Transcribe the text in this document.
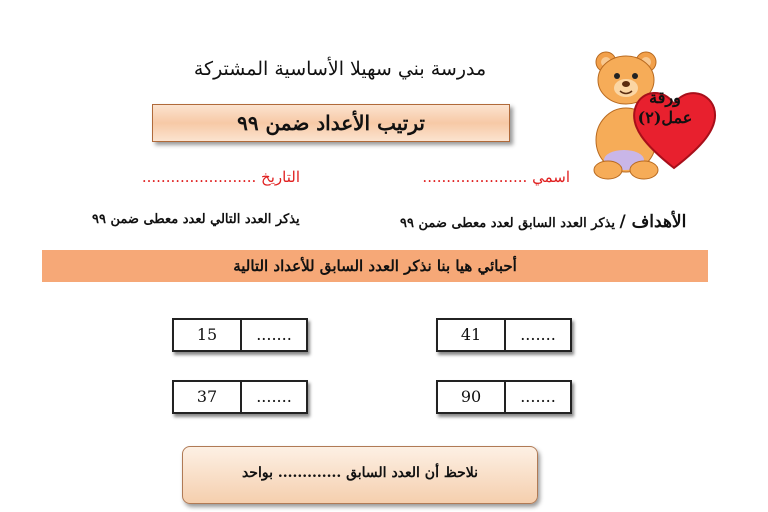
مدرسة بني سهيلا الأساسية المشتركة
ترتيب الأعداد ضمن ٩٩
ورقة
عمل(٢)
اسمي ......................
التاريخ ........................
الأهداف / يذكر العدد السابق لعدد معطى ضمن ٩٩
يذكر العدد التالي لعدد معطى ضمن ٩٩
أحبائي هيا بنا نذكر العدد السابق للأعداد التالية
15	.......	41	.......
37	.......	90	.......
نلاحظ أن العدد السابق ............. بواحد
